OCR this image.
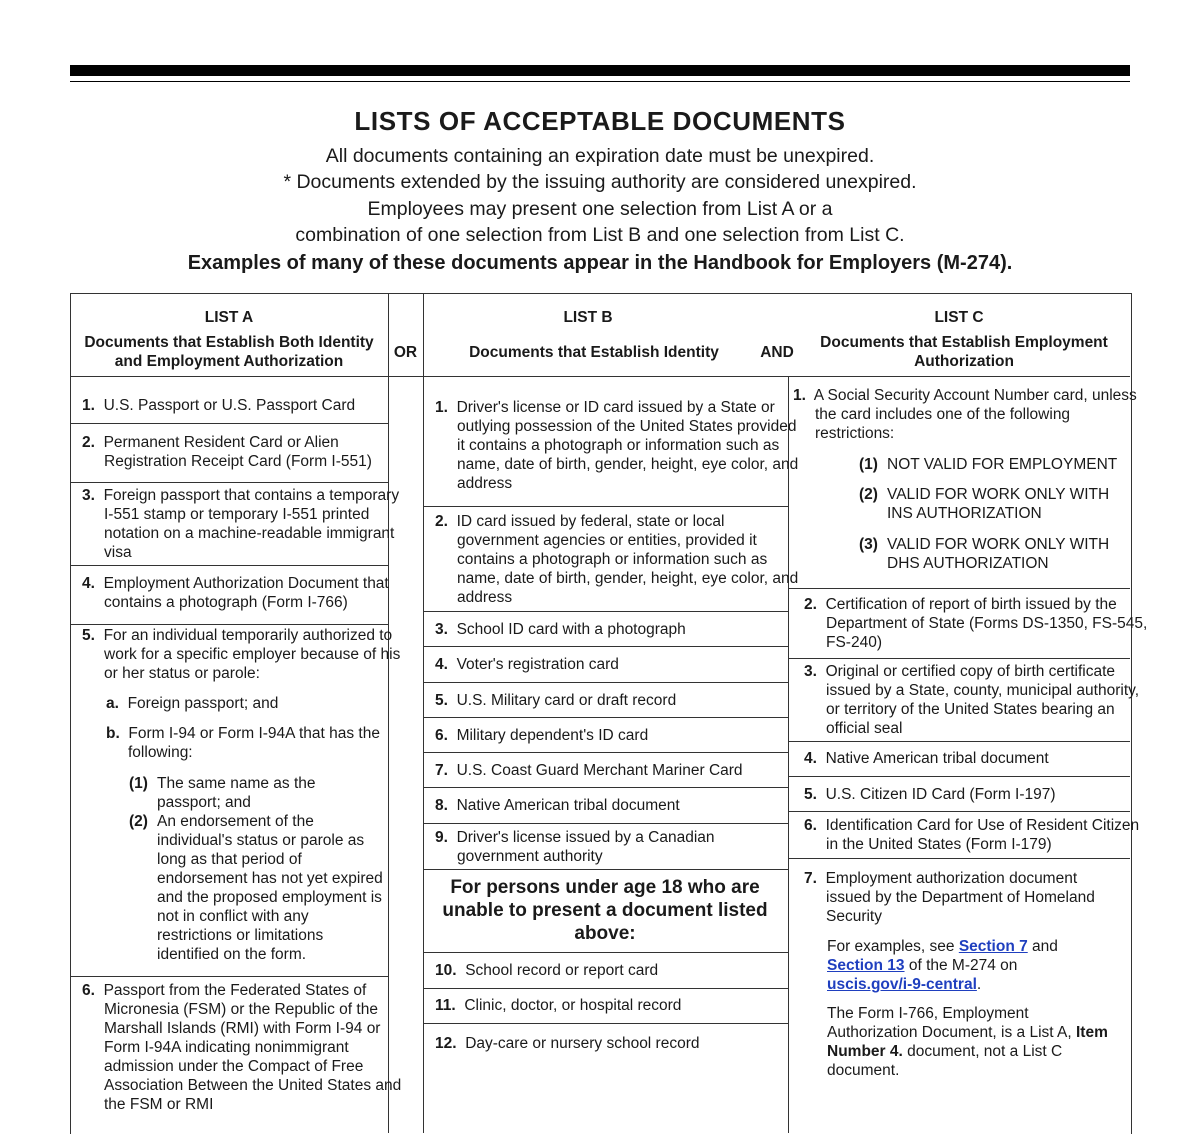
LISTS OF ACCEPTABLE DOCUMENTS
All documents containing an expiration date must be unexpired.
* Documents extended by the issuing authority are considered unexpired.
Employees may present one selection from List A or a
combination of one selection from List B and one selection from List C.
Examples of many of these documents appear in the Handbook for Employers (M-274).
LIST A
Documents that Establish Both Identity and Employment Authorization
OR
LIST B
Documents that Establish Identity	AND
LIST C
Documents that Establish Employment Authorization
1. U.S. Passport or U.S. Passport Card
2. Permanent Resident Card or Alien Registration Receipt Card (Form I-551)
3. Foreign passport that contains a temporary I-551 stamp or temporary I-551 printed notation on a machine-readable immigrant visa
4. Employment Authorization Document that contains a photograph (Form I-766)
5. For an individual temporarily authorized to work for a specific employer because of his or her status or parole:
a. Foreign passport; and
b. Form I-94 or Form I-94A that has the following:
(1) The same name as the passport; and
(2) An endorsement of the individual's status or parole as long as that period of endorsement has not yet expired and the proposed employment is not in conflict with any restrictions or limitations identified on the form.
6. Passport from the Federated States of Micronesia (FSM) or the Republic of the Marshall Islands (RMI) with Form I-94 or Form I-94A indicating nonimmigrant admission under the Compact of Free Association Between the United States and the FSM or RMI
1. Driver's license or ID card issued by a State or outlying possession of the United States provided it contains a photograph or information such as name, date of birth, gender, height, eye color, and address
2. ID card issued by federal, state or local government agencies or entities, provided it contains a photograph or information such as name, date of birth, gender, height, eye color, and address
3. School ID card with a photograph
4. Voter's registration card
5. U.S. Military card or draft record
6. Military dependent's ID card
7. U.S. Coast Guard Merchant Mariner Card
8. Native American tribal document
9. Driver's license issued by a Canadian government authority
For persons under age 18 who are unable to present a document listed above:
10. School record or report card
11. Clinic, doctor, or hospital record
12. Day-care or nursery school record
1. A Social Security Account Number card, unless the card includes one of the following restrictions:
(1) NOT VALID FOR EMPLOYMENT
(2) VALID FOR WORK ONLY WITH INS AUTHORIZATION
(3) VALID FOR WORK ONLY WITH DHS AUTHORIZATION
2. Certification of report of birth issued by the Department of State (Forms DS-1350, FS-545, FS-240)
3. Original or certified copy of birth certificate issued by a State, county, municipal authority, or territory of the United States bearing an official seal
4. Native American tribal document
5. U.S. Citizen ID Card (Form I-197)
6. Identification Card for Use of Resident Citizen in the United States (Form I-179)
7. Employment authorization document issued by the Department of Homeland Security
For examples, see Section 7 and
Section 13 of the M-274 on
uscis.gov/i-9-central.
The Form I-766, Employment Authorization Document, is a List A, Item Number 4. document, not a List C document.
